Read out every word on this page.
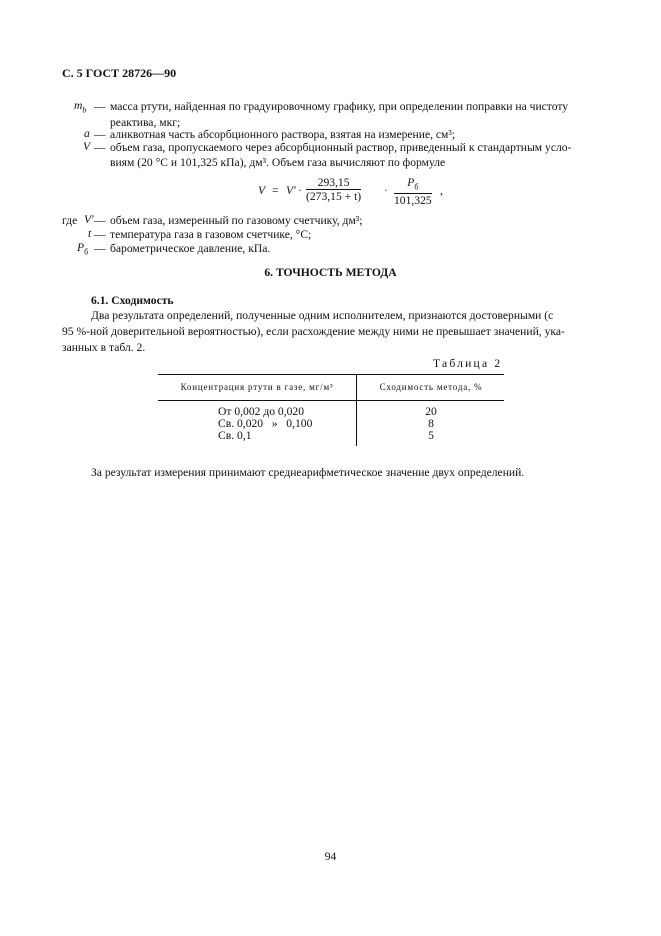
С. 5 ГОСТ 28726—90
$m_b$ — масса ртути, найденная по градуировочному графику, при определении поправки на чистоту
реактива, мкг;
a — аликвотная часть абсорбционного раствора, взятая на измерение, см³;
V — объем газа, пропускаемого через абсорбционный раствор, приведенный к стандартным усло-
виям (20 °С и 101,325 кПа), дм³. Объем газа вычисляют по формуле
$V = V' \cdot \frac{293,15}{(273,15 + t)}$ ·
$P_б$
101,325
,
где V' — объем газа, измеренный по газовому счетчику, дм³;
t — температура газа в газовом счетчике, °С;
$P_б$ — барометрическое давление, кПа.
6. ТОЧНОСТЬ МЕТОДА
6.1. Сходимость
Два результата определений, полученные одним исполнителем, признаются достоверными (с
95 %-ной доверительной вероятностью), если расхождение между ними не превышает значений, ука-
занных в табл. 2.
Таблица 2
Концентрация ртути в газе, мг/м³	Сходимость метода, %
От 0,002 до 0,020	20
Св. 0,020   »   0,100	8
Св. 0,1	5
За результат измерения принимают среднеарифметическое значение двух определений.
94
